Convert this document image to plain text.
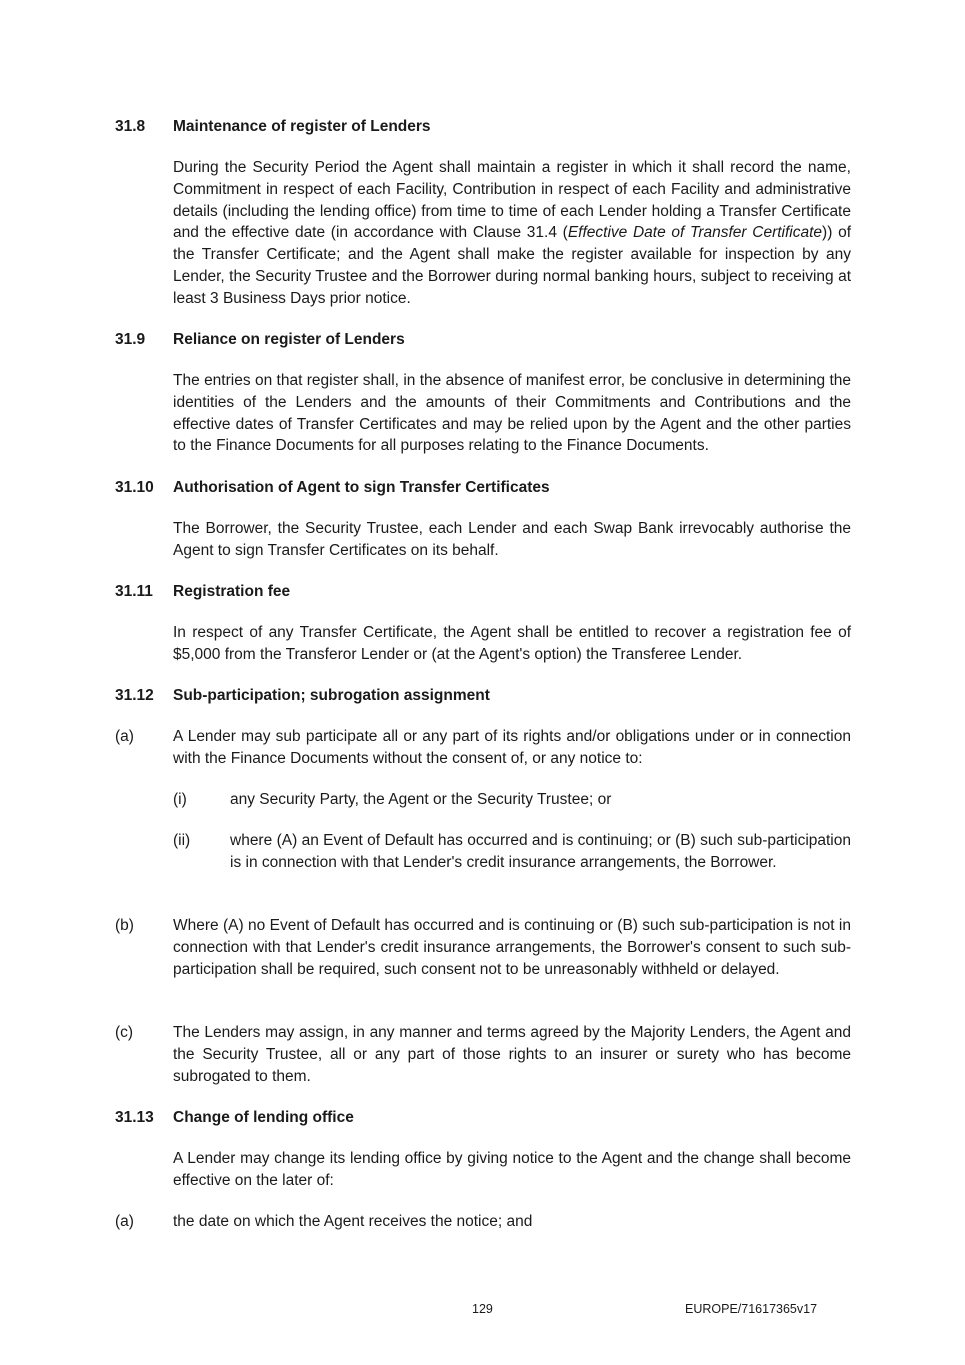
31.8 Maintenance of register of Lenders

During the Security Period the Agent shall maintain a register in which it shall record the name, Commitment in respect of each Facility, Contribution in respect of each Facility and administrative details (including the lending office) from time to time of each Lender holding a Transfer Certificate and the effective date (in accordance with Clause 31.4 (Effective Date of Transfer Certificate)) of the Transfer Certificate; and the Agent shall make the register available for inspection by any Lender, the Security Trustee and the Borrower during normal banking hours, subject to receiving at least 3 Business Days prior notice.

31.9 Reliance on register of Lenders

The entries on that register shall, in the absence of manifest error, be conclusive in determining the identities of the Lenders and the amounts of their Commitments and Contributions and the effective dates of Transfer Certificates and may be relied upon by the Agent and the other parties to the Finance Documents for all purposes relating to the Finance Documents.

31.10 Authorisation of Agent to sign Transfer Certificates

The Borrower, the Security Trustee, each Lender and each Swap Bank irrevocably authorise the Agent to sign Transfer Certificates on its behalf.

31.11 Registration fee

In respect of any Transfer Certificate, the Agent shall be entitled to recover a registration fee of $5,000 from the Transferor Lender or (at the Agent's option) the Transferee Lender.

31.12 Sub-participation; subrogation assignment
(a)	A Lender may sub participate all or any part of its rights and/or obligations under or in connection with the Finance Documents without the consent of, or any notice to:

(i)	any Security Party, the Agent or the Security Trustee; or

(ii)	where (A) an Event of Default has occurred and is continuing; or (B) such sub-participation is in connection with that Lender's credit insurance arrangements, the Borrower.

(b)	Where (A) no Event of Default has occurred and is continuing or (B) such sub-participation is not in connection with that Lender's credit insurance arrangements, the Borrower's consent to such sub-participation shall be required, such consent not to be unreasonably withheld or delayed.

(c)	The Lenders may assign, in any manner and terms agreed by the Majority Lenders, the Agent and the Security Trustee, all or any part of those rights to an insurer or surety who has become subrogated to them.

31.13 Change of lending office

A Lender may change its lending office by giving notice to the Agent and the change shall become effective on the later of:

(a)	the date on which the Agent receives the notice; and

129	EUROPE/71617365v17
